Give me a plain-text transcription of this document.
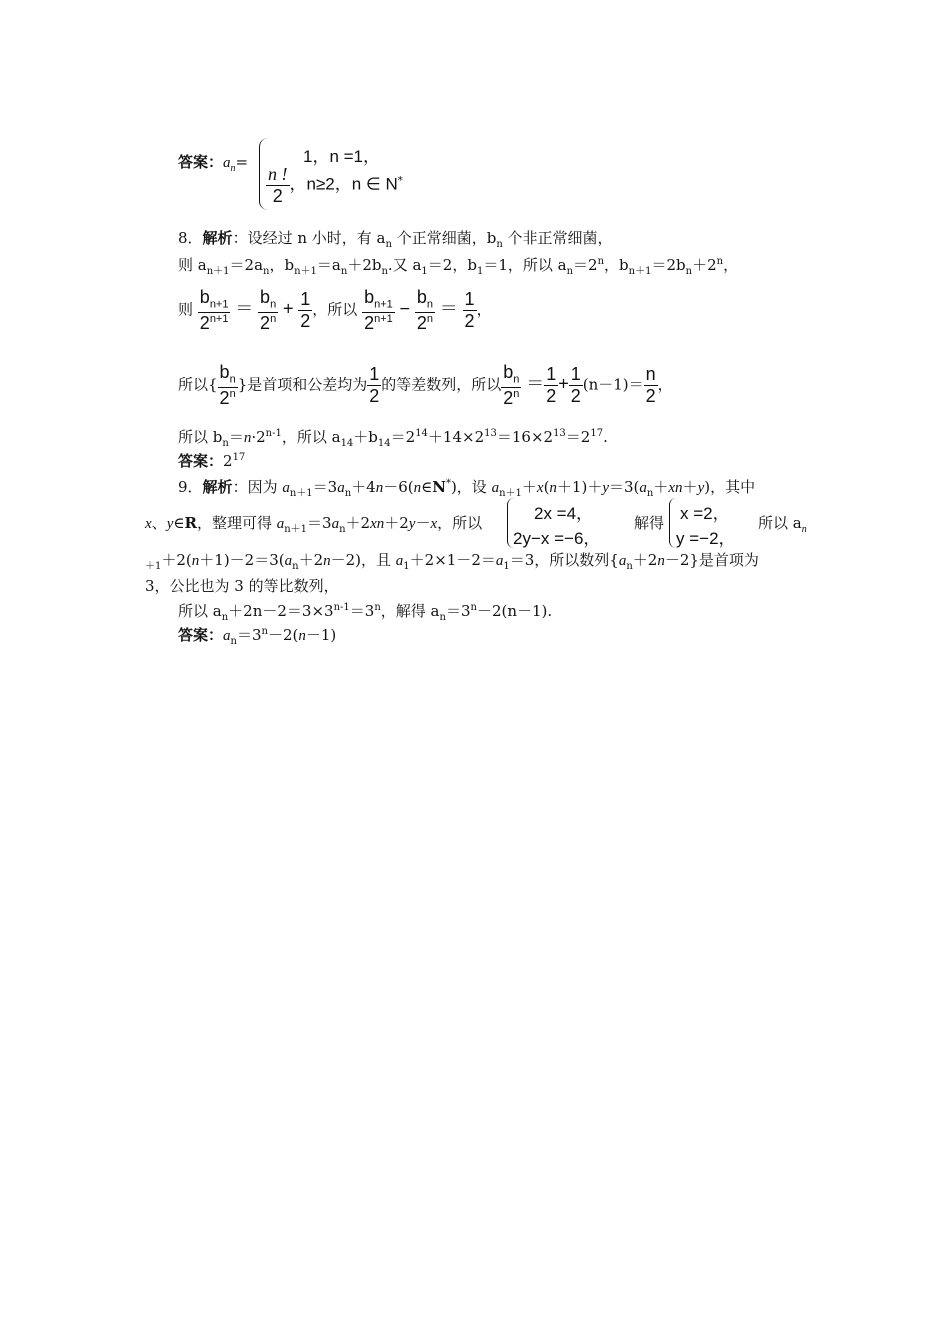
答案：$a_n=$	1，n =1，
$\frac{n !}{2}$ ，n≥2，n ∈ N*
8．解析：设经过 n 小时，有 $a_n$ 个正常细菌，$b_n$ 个非正常细菌，
则 $a_{n+1}=2a_n$，$b_{n+1}=a_n+2b_n$.又 $a_1=2$，$b_1=1$，所以 $a_n=2^n$，$b_{n+1}=2b_n+2^n$，
则 $\frac{b_{n+1}}{2^{n+1}} = \frac{b_n}{2^n} + \frac{1}{2}$ ，所以 $\frac{b_{n+1}}{2^{n+1}} - \frac{b_n}{2^n} = \frac{1}{2}$ ，
所以{ $\frac{b_n}{2^n}$ }是首项和公差均为 $\frac{1}{2}$ 的等差数列，所以 $\frac{b_n}{2^n} = \frac{1}{2} + \frac{1}{2} (n-1)= \frac{n}{2}$ ，
所以 $b_n=n\cdot 2^{n-1}$，所以 $a_{14}+b_{14}=2^{14}+14\times 2^{13}=16\times 2^{13}=2^{17}$.
答案：$2^{17}$
9．解析：因为 $a_{n+1}=3a_n+4n-6(n\in N^*)$，设 $a_{n+1}+x(n+1)+y=3(a_n+xn+y)$，其中
x、y∈R，整理可得 $a_{n+1}=3a_n+2xn+2y-x$，所以	2x =4，
2y−x =−6，
解得 x =2，
y =−2，
所以 $a_n$
$_{+1}+2(n+1)-2=3(a_n+2n-2)$，且 $a_1+2\times 1-2=a_1=3$，所以数列$\{a_n+2n-2\}$是首项为
3，公比也为 3 的等比数列，
所以 $a_n+2n-2=3\times 3^{n-1}=3^n$，解得 $a_n=3^n-2(n-1)$.
答案：$a_n=3^n-2(n-1)$
